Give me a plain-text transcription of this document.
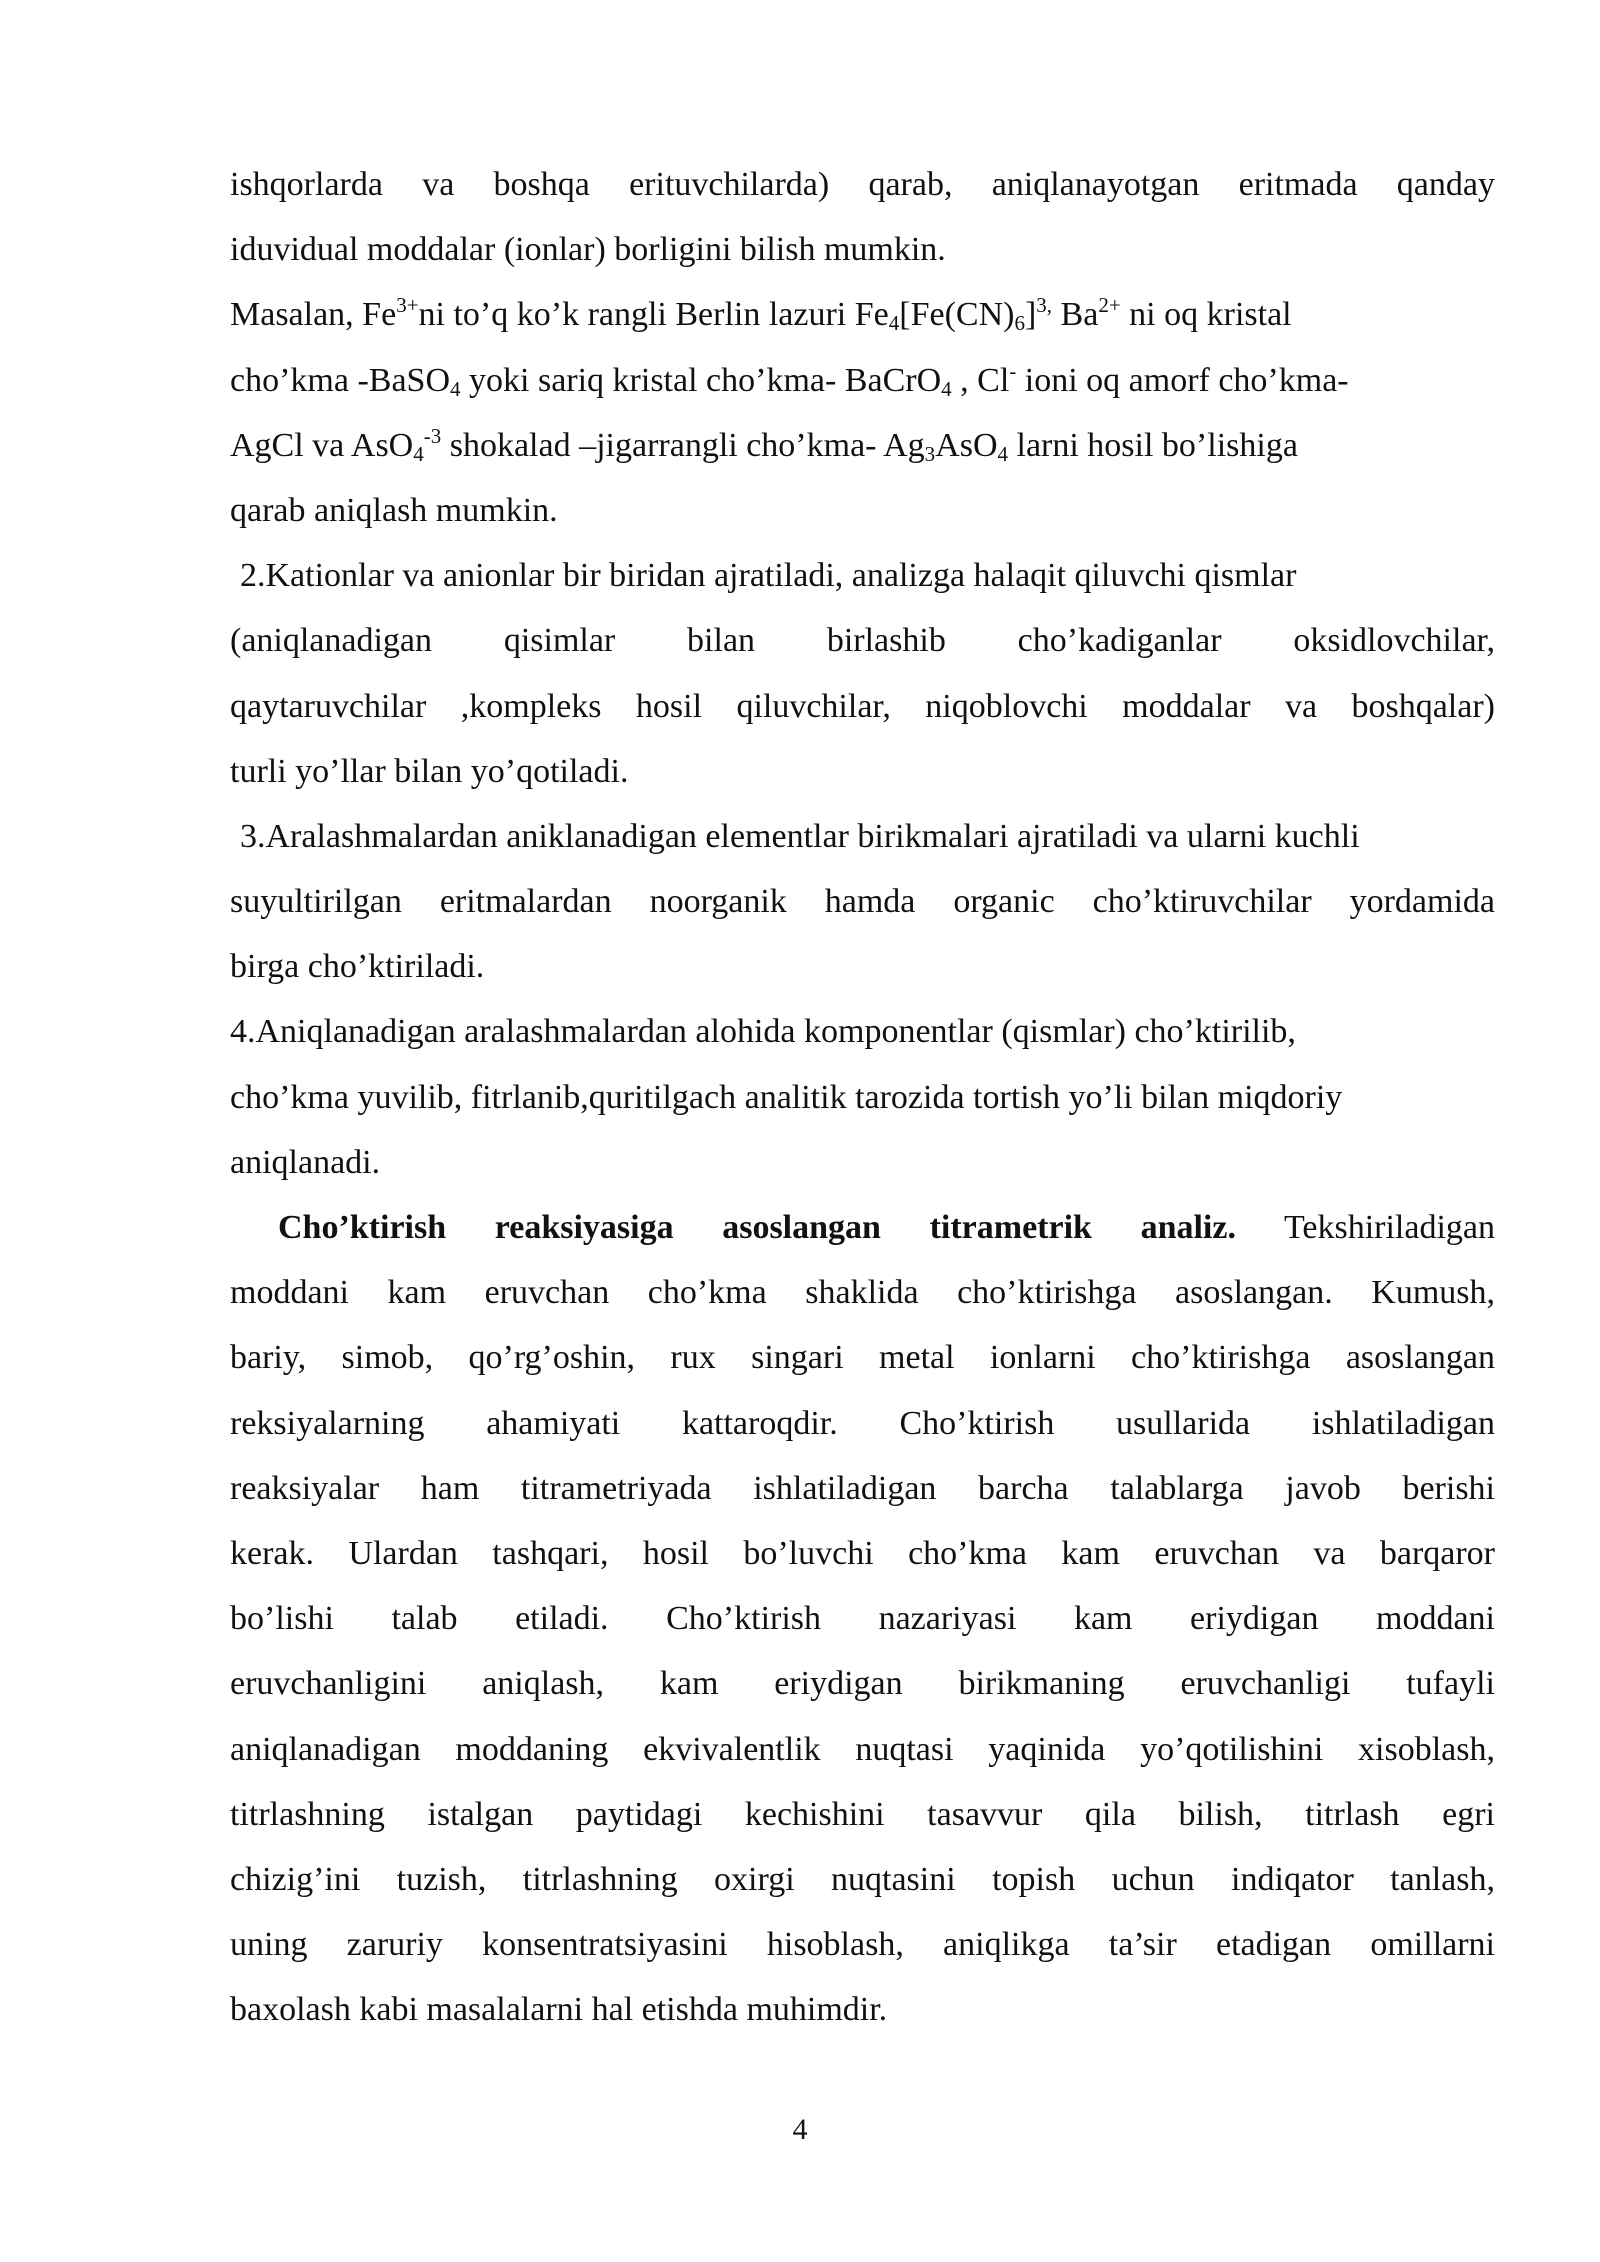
ishqorlarda va boshqa erituvchilarda) qarab, aniqlanayotgan eritmada qanday
iduvidual moddalar (ionlar) borligini bilish mumkin.
Masalan, $Fe^{3+}ni$ to’q ko’k rangli Berlin lazuri $Fe_4[Fe(CN)_6]^{3,}$ $Ba^{2+}$ ni oq kristal
cho’kma -BaSO$_4$ yoki sariq kristal cho’kma- BaCrO$_4$ , Cl- ioni oq amorf cho’kma-
AgCl va AsO$_4^{-3}$ shokalad –jigarrangli cho’kma- $Ag_3AsO_4$ larni hosil bo’lishiga
qarab aniqlash mumkin.
2.Kationlar va anionlar bir biridan ajratiladi, analizga halaqit qiluvchi qismlar
(aniqlanadigan qisimlar bilan birlashib cho’kadiganlar oksidlovchilar,
qaytaruvchilar ,kompleks hosil qiluvchilar, niqoblovchi moddalar va boshqalar)
turli yo’llar bilan yo’qotiladi.
3.Aralashmalardan aniklanadigan elementlar birikmalari ajratiladi va ularni kuchli
suyultirilgan eritmalardan noorganik hamda organic cho’ktiruvchilar yordamida
birga cho’ktiriladi.
4.Aniqlanadigan aralashmalardan alohida komponentlar (qismlar) cho’ktirilib,
cho’kma yuvilib, fitrlanib,quritilgach analitik tarozida tortish yo’li bilan miqdoriy
aniqlanadi.
Cho’ktirish reaksiyasiga asoslangan titrametrik analiz. Tekshiriladigan
moddani kam eruvchan cho’kma shaklida cho’ktirishga asoslangan. Kumush,
bariy, simob, qo’rg’oshin, rux singari metal ionlarni cho’ktirishga asoslangan
reksiyalarning ahamiyati kattaroqdir. Cho’ktirish usullarida ishlatiladigan
reaksiyalar ham titrametriyada ishlatiladigan barcha talablarga javob berishi
kerak. Ulardan tashqari, hosil bo’luvchi cho’kma kam eruvchan va barqaror
bo’lishi talab etiladi. Cho’ktirish nazariyasi kam eriydigan moddani
eruvchanligini aniqlash, kam eriydigan birikmaning eruvchanligi tufayli
aniqlanadigan moddaning ekvivalentlik nuqtasi yaqinida yo’qotilishini xisoblash,
titrlashning istalgan paytidagi kechishini tasavvur qila bilish, titrlash egri
chizig’ini tuzish, titrlashning oxirgi nuqtasini topish uchun indiqator tanlash,
uning zaruriy konsentratsiyasini hisoblash, aniqlikga ta’sir etadigan omillarni
baxolash kabi masalalarni hal etishda muhimdir.
4
